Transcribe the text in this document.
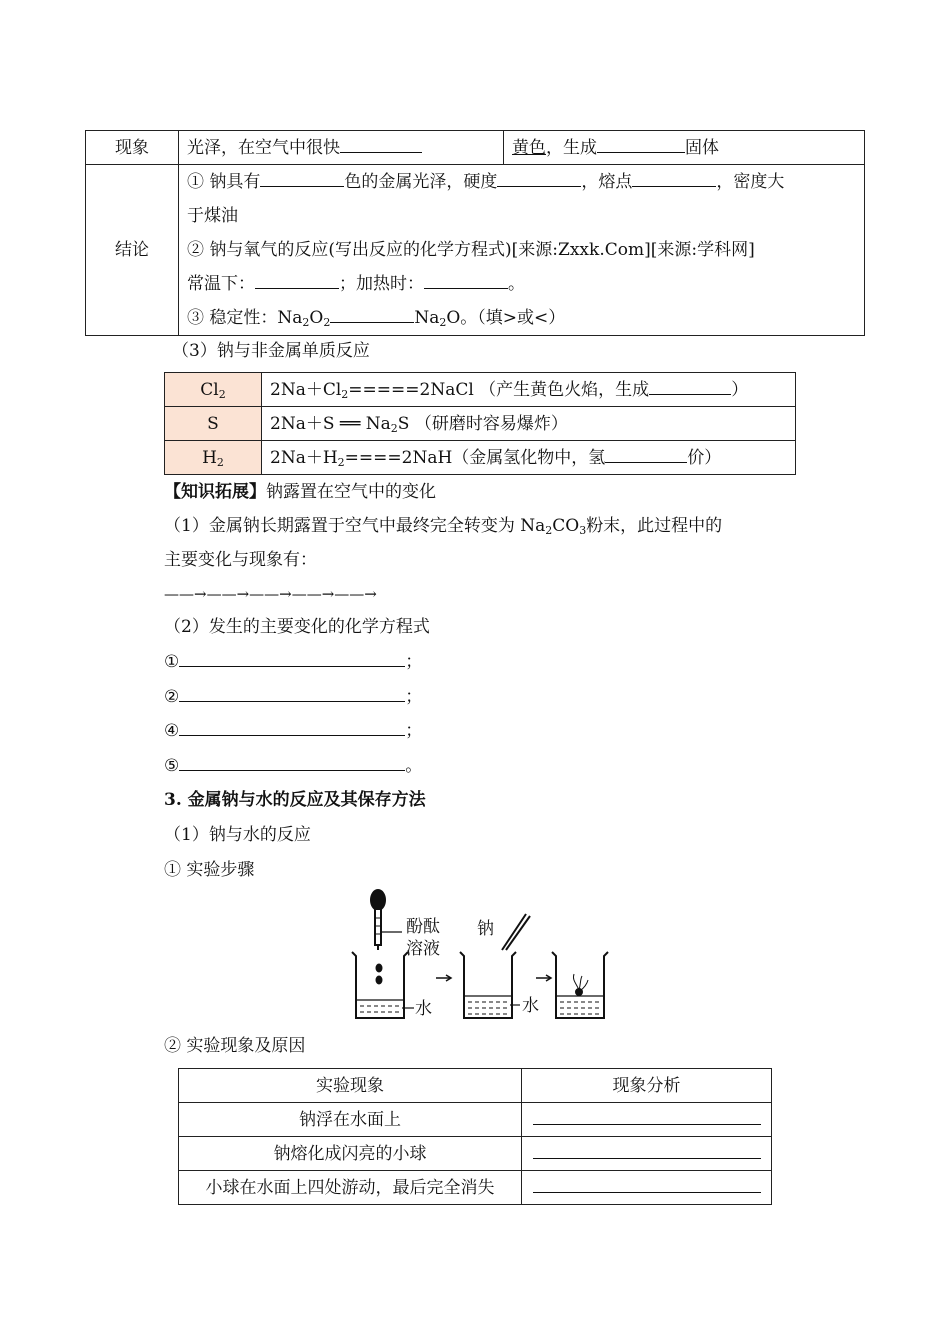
现象	光泽，在空气中很快	黄色，生成 固体
结论	① 钠具有 色的金属光泽，硬度 ，熔点 ，密度大
于煤油
② 钠与氧气的反应(写出反应的化学方程式)[来源:Zxxk.Com][来源:学科网]
常温下： ；加热时： 。
③ 稳定性：$Na_2O_2$ $Na_2O$。（填>或<）	
（3）钠与非金属单质反应
$Cl_2$	$2Na+Cl_2=====2NaCl$ （产生黄色火焰，生成 ）
S	2Na＋S ══ $Na_2S$ （研磨时容易爆炸）
$H_2$	$2Na+H_2====2NaH$（金属氢化物中，氢 价）
【知识拓展】钠露置在空气中的变化
（1）金属钠长期露置于空气中最终完全转变为 $Na_2CO_3$粉末，此过程中的
主要变化与现象有：
——→——→——→——→——→
（2）发生的主要变化的化学方程式
①	；
②	；
④	；
⑤	。
3. 金属钠与水的反应及其保存方法
（1）钠与水的反应
① 实验步骤
酚酞
溶液
水
钠
水
② 实验现象及原因
实验现象	现象分析
钠浮在水面上	
钠熔化成闪亮的小球	
小球在水面上四处游动，最后完全消失	
